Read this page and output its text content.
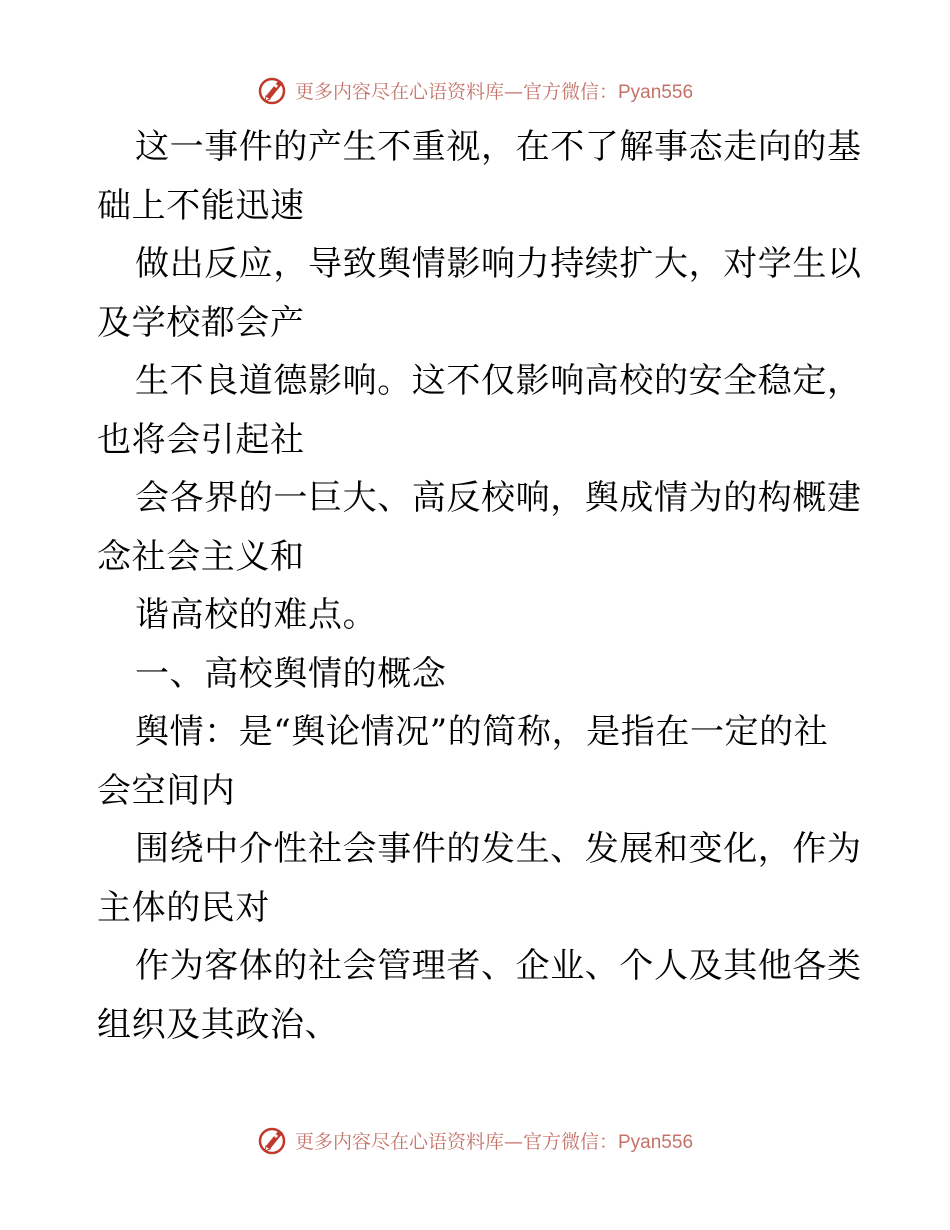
更多内容尽在心语资料库—官方微信：Pyan556
这一事件的产生不重视，在不了解事态走向的基
础上不能迅速
做出反应，导致舆情影响力持续扩大，对学生以
及学校都会产
生不良道德影响。这不仅影响高校的安全稳定，
也将会引起社
会各界的一巨大、高反校响，舆成情为的构概建
念社会主义和
谐高校的难点。
一、高校舆情的概念
舆情：是“舆论情况”的简称，是指在一定的社
会空间内
围绕中介性社会事件的发生、发展和变化，作为
主体的民对
作为客体的社会管理者、企业、个人及其他各类
组织及其政治、
更多内容尽在心语资料库—官方微信：Pyan556
